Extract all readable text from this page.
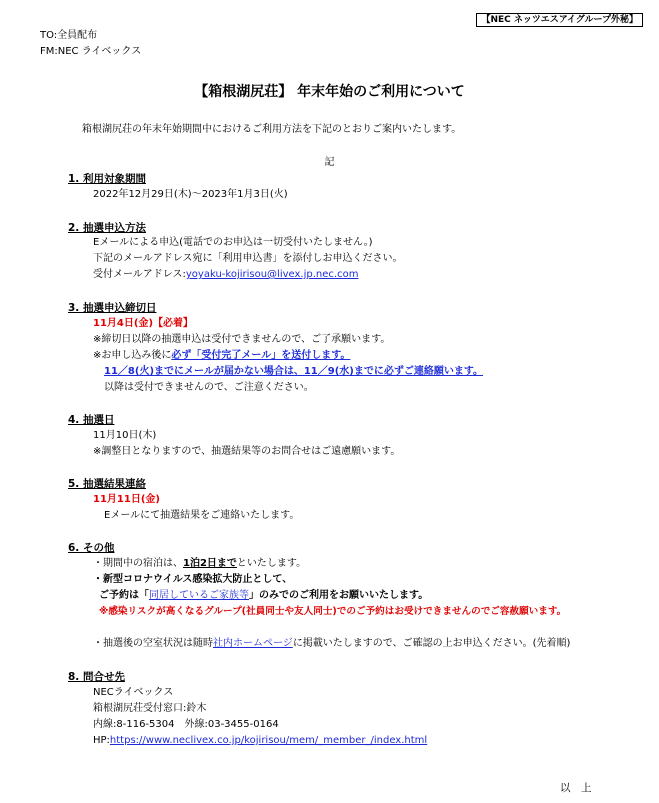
【NEC ネッツエスアイグループ外秘】
TO:全員配布
FM:NEC ライベックス
【箱根湖尻荘】 年末年始のご利用について
箱根湖尻荘の年末年始期間中におけるご利用方法を下記のとおりご案内いたします。
記
1. 利用対象期間
2022年12月29日(木)～2023年1月3日(火)
2. 抽選申込方法
Eメールによる申込(電話でのお申込は一切受付いたしません。)
下記のメールアドレス宛に「利用申込書」を添付しお申込ください。
受付メールアドレス:yoyaku-kojirisou@livex.jp.nec.com
3. 抽選申込締切日
11月4日(金)【必着】
※締切日以降の抽選申込は受付できませんので、ご了承願います。
※お申し込み後に必ず「受付完了メール」を送付します。
11／8(火)までにメールが届かない場合は、11／9(水)までに必ずご連絡願います。
以降は受付できませんので、ご注意ください。
4. 抽選日
11月10日(木)
※調整日となりますので、抽選結果等のお問合せはご遠慮願います。
5. 抽選結果連絡
11月11日(金)
Eメールにて抽選結果をご連絡いたします。
6. その他
・期間中の宿泊は、1泊2日までといたします。
・新型コロナウイルス感染拡大防止として、
ご予約は「同居しているご家族等」のみでのご利用をお願いいたします。
※感染リスクが高くなるグループ(社員同士や友人同士)でのご予約はお受けできませんのでご容赦願います。
・抽選後の空室状況は随時社内ホームページに掲載いたしますので、ご確認の上お申込ください。(先着順)
8. 問合せ先
NECライベックス
箱根湖尻荘受付窓口:鈴木
内線:8-116-5304　外線:03-3455-0164
HP:https://www.neclivex.co.jp/kojirisou/mem/_member_/index.html
以　上
